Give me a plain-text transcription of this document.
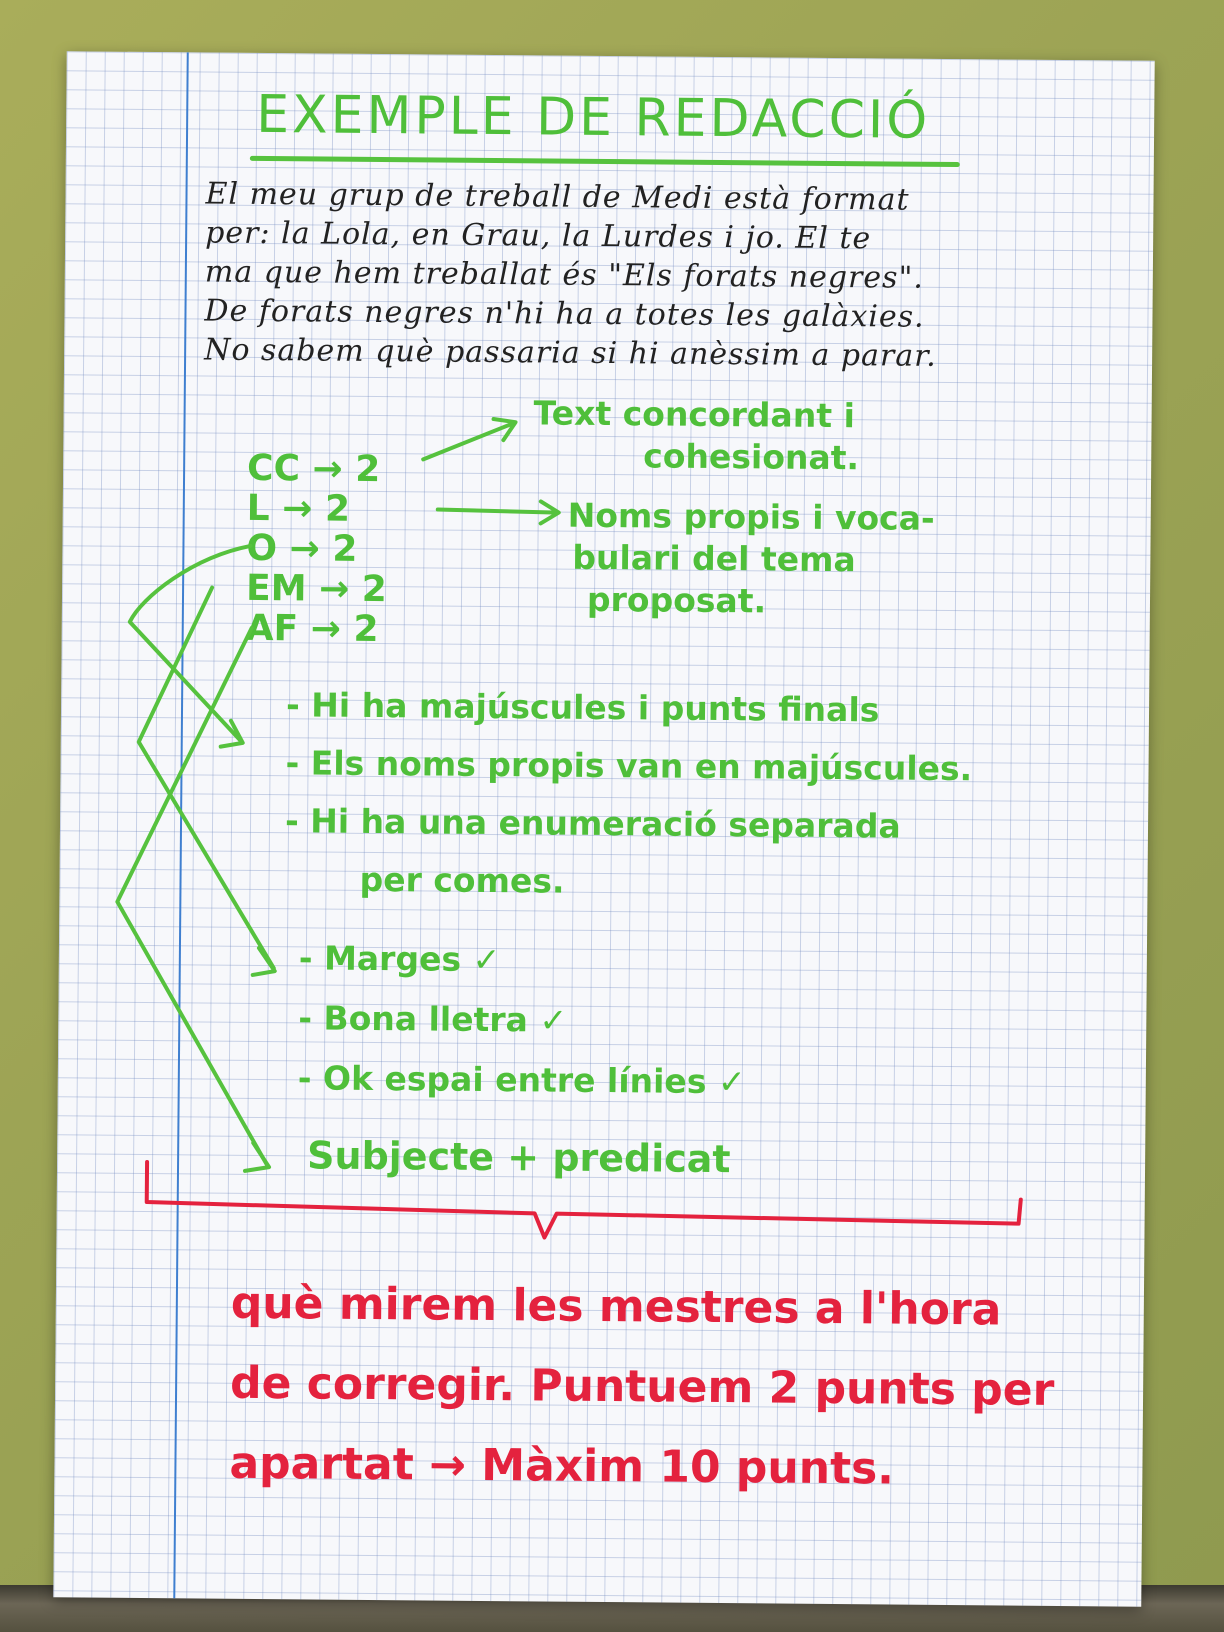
EXEMPLE DE REDACCIÓ
El meu grup de treball de Medi està format
per: la Lola, en Grau, la Lurdes i jo. El te
ma que hem treballat és "Els forats negres".
De forats negres n'hi ha a totes les galàxies.
No sabem què passaria si hi anèssim a parar.
CC → 2
L → 2
O → 2
EM → 2
AF → 2
Text concordant i
cohesionat.
Noms propis i voca-
bulari del tema
proposat.
- Hi ha majúscules i punts finals
- Els noms propis van en majúscules.
- Hi ha una enumeració separada
per comes.
- Marges ✓
- Bona lletra ✓
- Ok espai entre línies ✓
Subjecte + predicat
què mirem les mestres a l'hora
de corregir. Puntuem 2 punts per
apartat → Màxim 10 punts.
